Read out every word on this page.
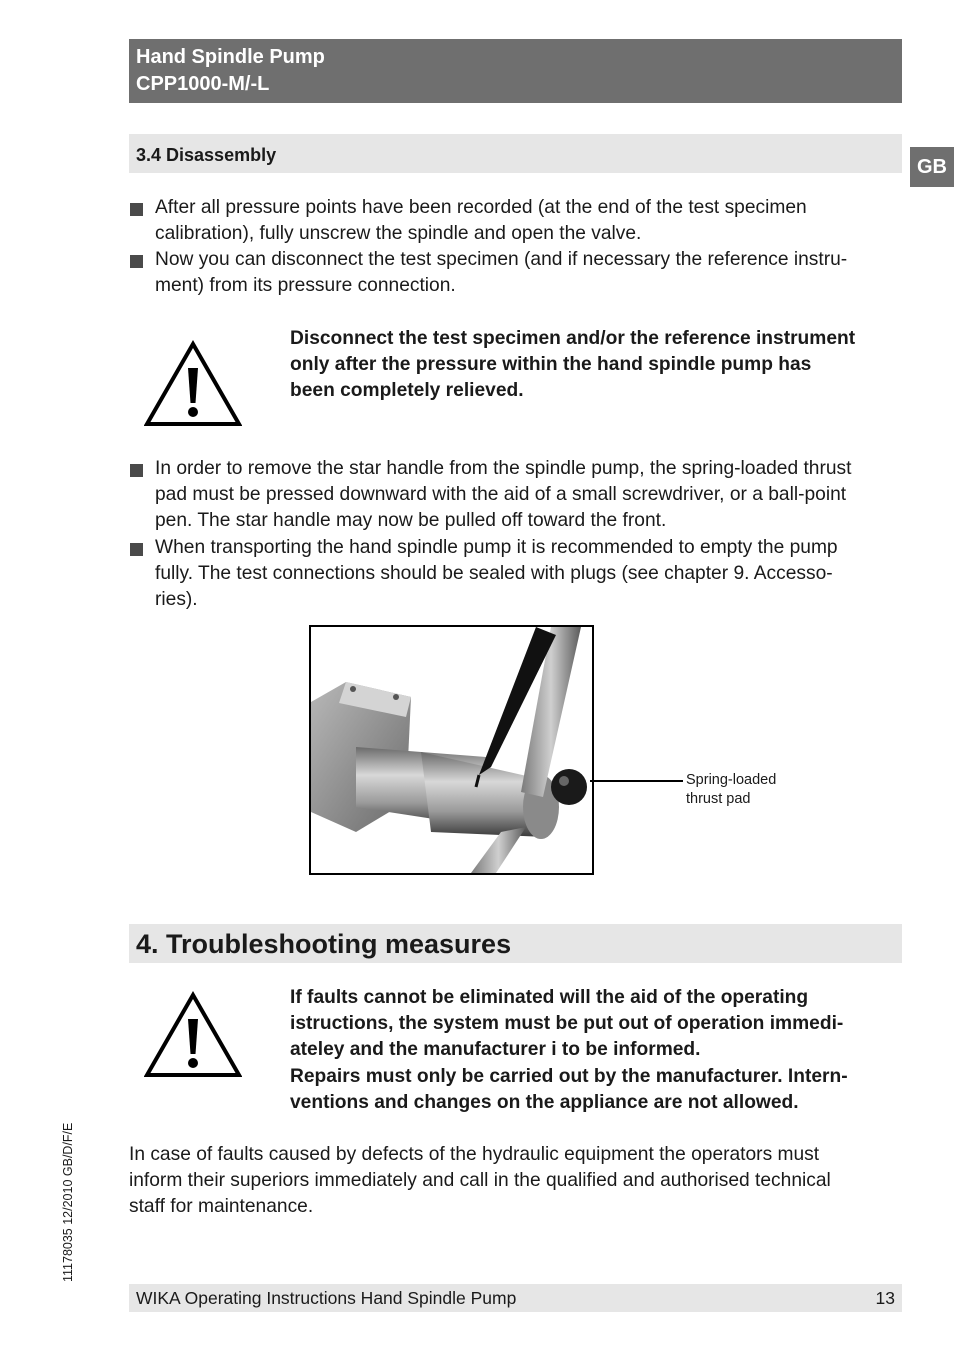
Hand Spindle Pump
CPP1000-M/-L
GB
3.4 Disassembly
After all pressure points have been recorded (at the end of the test specimen
calibration), fully unscrew the spindle and open the valve.
Now you can disconnect the test specimen (and if necessary the reference instru-
ment) from its pressure connection.
Disconnect the test specimen and/or the reference instrument
only after the pressure within the hand spindle pump has
been completely relieved.
In order to remove the star handle from the spindle pump, the spring-loaded thrust
pad must be pressed downward with the aid of a small screwdriver, or a ball-point
pen. The star handle may now be pulled off toward the front.
When transporting the hand spindle pump it is recommended to empty the pump
fully. The test connections should be sealed with plugs (see chapter 9. Accesso-
ries).
Spring-loaded
thrust pad
4. Troubleshooting measures
If faults cannot be eliminated will the aid of the operating
istructions, the system must be put out of operation immedi-
ateley and the manufacturer i to be informed.
Repairs must only be carried out by the manufacturer. Intern-
ventions and changes on the appliance are not allowed.
In case of faults caused by defects of the hydraulic equipment the operators must
inform their superiors immediately and call in the qualified and authorised technical
staff for maintenance.
11178035 12/2010 GB/D/F/E
WIKA Operating Instructions Hand Spindle Pump	13
